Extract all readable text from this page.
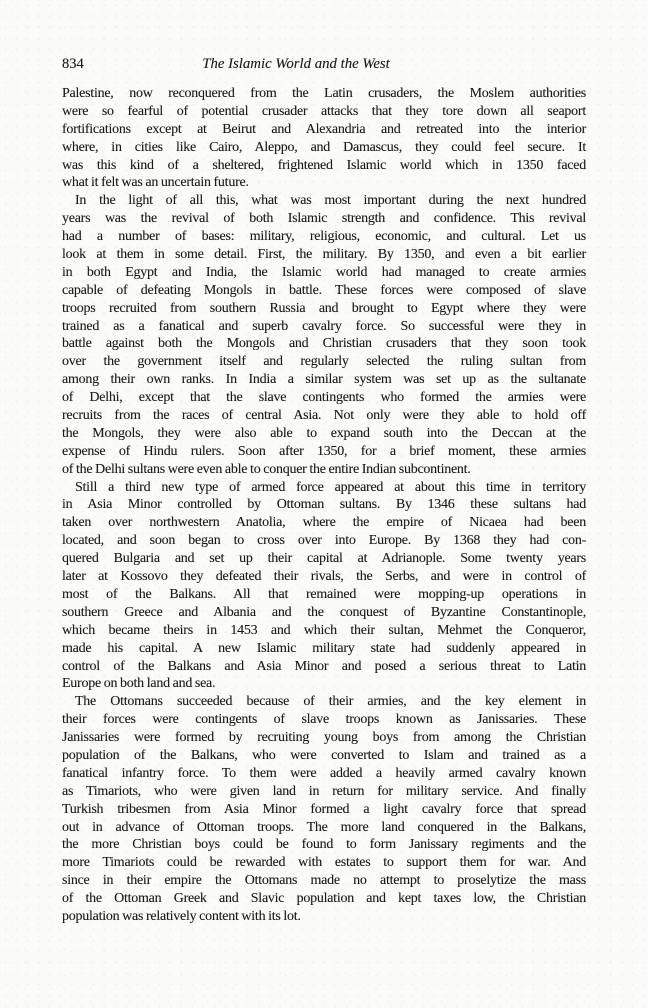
834	The Islamic World and the West
Palestine, now reconquered from the Latin crusaders, the Moslem authorities
were so fearful of potential crusader attacks that they tore down all seaport
fortifications except at Beirut and Alexandria and retreated into the interior
where, in cities like Cairo, Aleppo, and Damascus, they could feel secure. It
was this kind of a sheltered, frightened Islamic world which in 1350 faced
what it felt was an uncertain future.
In the light of all this, what was most important during the next hundred
years was the revival of both Islamic strength and confidence. This revival
had a number of bases: military, religious, economic, and cultural. Let us
look at them in some detail. First, the military. By 1350, and even a bit earlier
in both Egypt and India, the Islamic world had managed to create armies
capable of defeating Mongols in battle. These forces were composed of slave
troops recruited from southern Russia and brought to Egypt where they were
trained as a fanatical and superb cavalry force. So successful were they in
battle against both the Mongols and Christian crusaders that they soon took
over the government itself and regularly selected the ruling sultan from
among their own ranks. In India a similar system was set up as the sultanate
of Delhi, except that the slave contingents who formed the armies were
recruits from the races of central Asia. Not only were they able to hold off
the Mongols, they were also able to expand south into the Deccan at the
expense of Hindu rulers. Soon after 1350, for a brief moment, these armies
of the Delhi sultans were even able to conquer the entire Indian subcontinent.
Still a third new type of armed force appeared at about this time in territory
in Asia Minor controlled by Ottoman sultans. By 1346 these sultans had
taken over northwestern Anatolia, where the empire of Nicaea had been
located, and soon began to cross over into Europe. By 1368 they had con-
quered Bulgaria and set up their capital at Adrianople. Some twenty years
later at Kossovo they defeated their rivals, the Serbs, and were in control of
most of the Balkans. All that remained were mopping-up operations in
southern Greece and Albania and the conquest of Byzantine Constantinople,
which became theirs in 1453 and which their sultan, Mehmet the Conqueror,
made his capital. A new Islamic military state had suddenly appeared in
control of the Balkans and Asia Minor and posed a serious threat to Latin
Europe on both land and sea.
The Ottomans succeeded because of their armies, and the key element in
their forces were contingents of slave troops known as Janissaries. These
Janissaries were formed by recruiting young boys from among the Christian
population of the Balkans, who were converted to Islam and trained as a
fanatical infantry force. To them were added a heavily armed cavalry known
as Timariots, who were given land in return for military service. And finally
Turkish tribesmen from Asia Minor formed a light cavalry force that spread
out in advance of Ottoman troops. The more land conquered in the Balkans,
the more Christian boys could be found to form Janissary regiments and the
more Timariots could be rewarded with estates to support them for war. And
since in their empire the Ottomans made no attempt to proselytize the mass
of the Ottoman Greek and Slavic population and kept taxes low, the Christian
population was relatively content with its lot.
